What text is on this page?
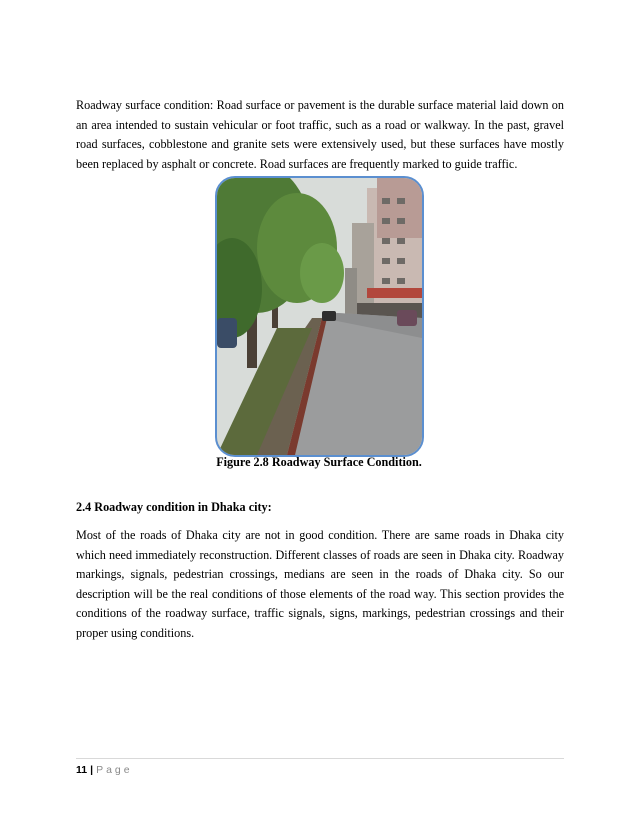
Roadway surface condition: Road surface or pavement is the durable surface material laid down on an area intended to sustain vehicular or foot traffic, such as a road or walkway. In the past, gravel road surfaces, cobblestone and granite sets were extensively used, but these surfaces have mostly been replaced by asphalt or concrete. Road surfaces are frequently marked to guide traffic.

Figure 2.8 Roadway Surface Condition.
2.4 Roadway condition in Dhaka city:

Most of the roads of Dhaka city are not in good condition. There are same roads in Dhaka city which need immediately reconstruction. Different classes of roads are seen in Dhaka city. Roadway markings, signals, pedestrian crossings, medians are seen in the roads of Dhaka city. So our description will be the real conditions of those elements of the road way. This section provides the conditions of the roadway surface, traffic signals, signs, markings, pedestrian crossings and their proper using conditions.

11 | Page
